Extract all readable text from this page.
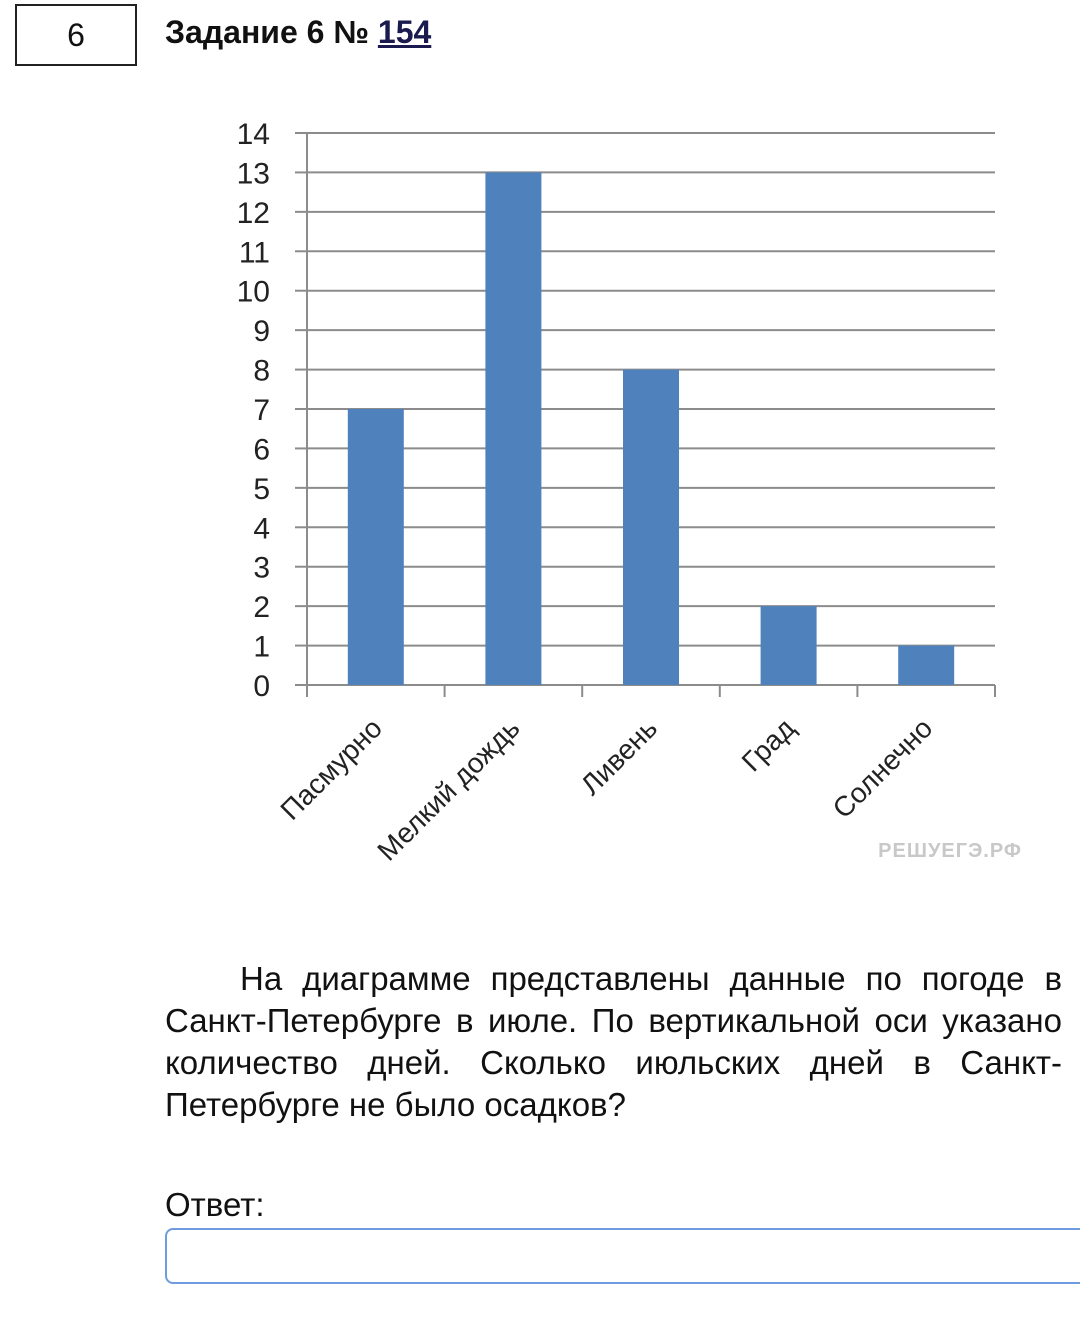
6	Задание 6 № 154
0
1
2
3
4
5
6
7
8
9
10
11
12
13
14
Пасмурно
Мелкий дождь Ливень	Град Солнечно
РЕШУЕГЭ.РФ
На диаграмме представлены данные по погоде в Санкт-Петербурге в июле. По вертикальной оси указано количество дней. Сколько июльских дней в Санкт-Петербурге не было осадков?
Ответ:
